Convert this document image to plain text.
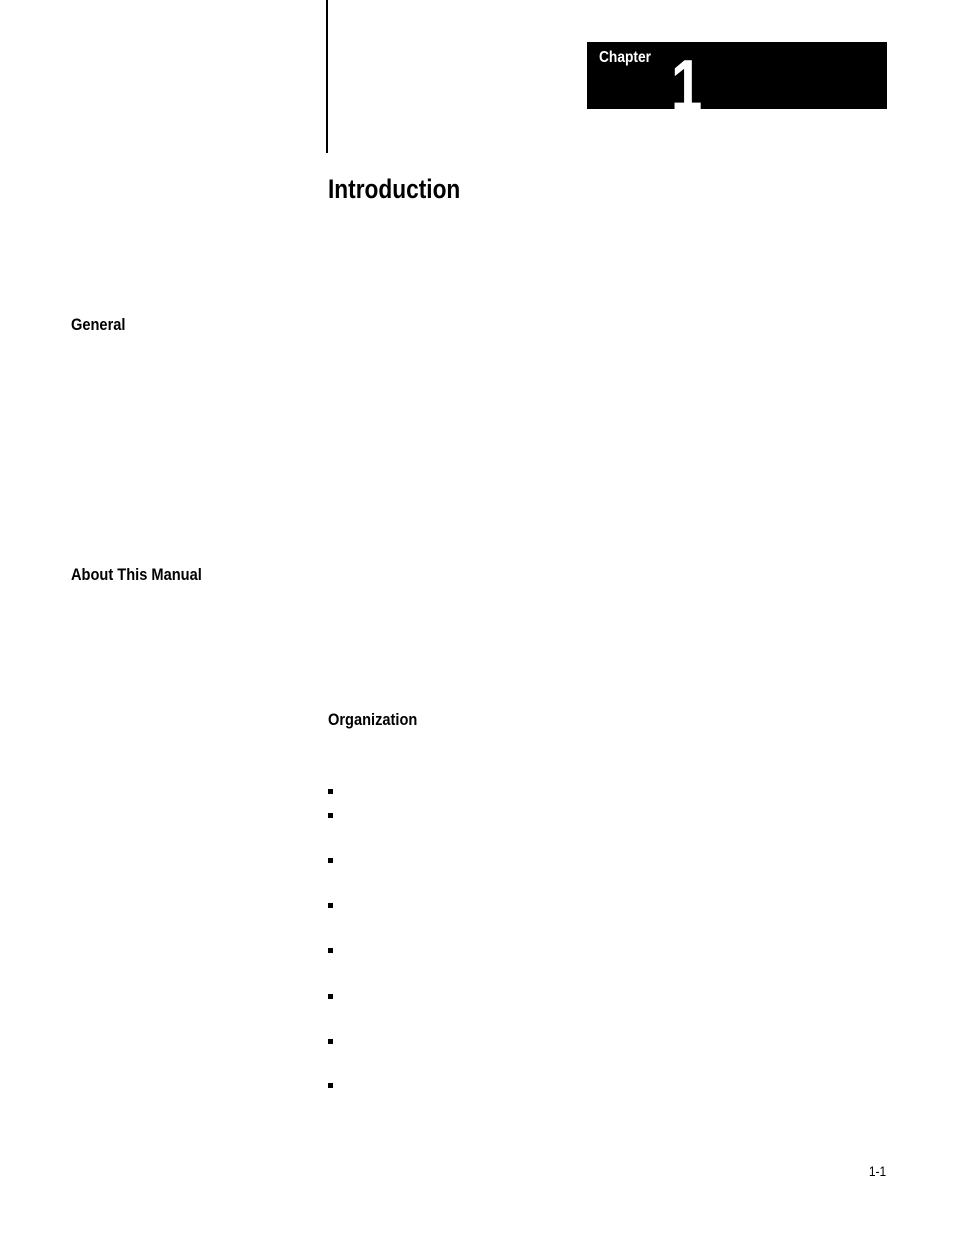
Chapter 1
Introduction
General
About This Manual
Organization
1-1
